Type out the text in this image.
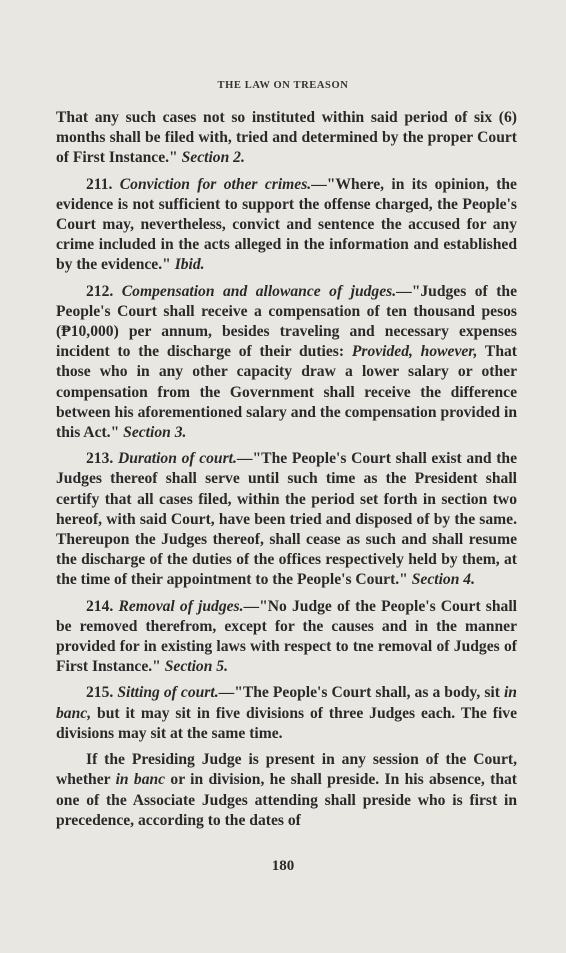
THE LAW ON TREASON

That any such cases not so instituted within said period of six (6) months shall be filed with, tried and determined by the proper Court of First Instance." Section 2.

211. Conviction for other crimes.—"Where, in its opinion, the evidence is not sufficient to support the offense charged, the People's Court may, nevertheless, convict and sentence the accused for any crime included in the acts alleged in the information and established by the evidence." Ibid.

212. Compensation and allowance of judges.—"Judges of the People's Court shall receive a compensation of ten thousand pesos (₱10,000) per annum, besides traveling and necessary expenses incident to the discharge of their duties: Provided, however, That those who in any other capacity draw a lower salary or other compensation from the Government shall receive the difference between his aforementioned salary and the compensation provided in this Act." Section 3.

213. Duration of court.—"The People's Court shall exist and the Judges thereof shall serve until such time as the President shall certify that all cases filed, within the period set forth in section two hereof, with said Court, have been tried and disposed of by the same. Thereupon the Judges thereof, shall cease as such and shall resume the discharge of the duties of the offices respectively held by them, at the time of their appointment to the People's Court." Section 4.

214. Removal of judges.—"No Judge of the People's Court shall be removed therefrom, except for the causes and in the manner provided for in existing laws with respect to tne removal of Judges of First Instance." Section 5.

215. Sitting of court.—"The People's Court shall, as a body, sit in banc, but it may sit in five divisions of three Judges each. The five divisions may sit at the same time.

If the Presiding Judge is present in any session of the Court, whether in banc or in division, he shall preside. In his absence, that one of the Associate Judges attending shall preside who is first in precedence, according to the dates of

180
